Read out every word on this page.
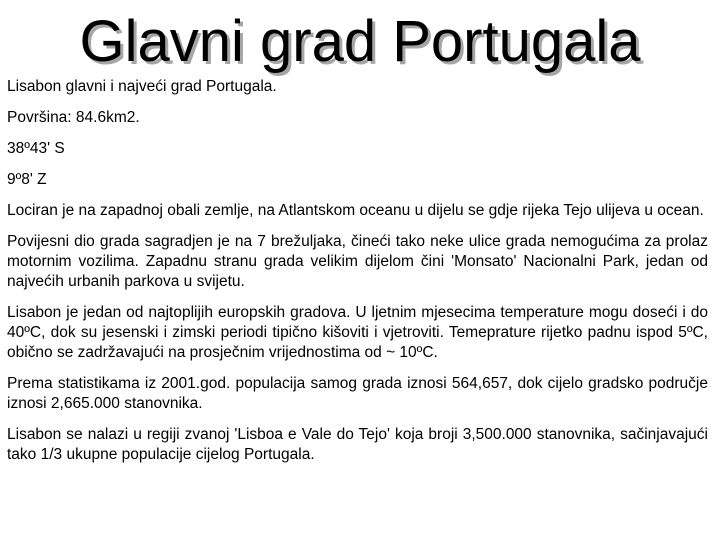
Glavni grad Portugala

Lisabon glavni i najveći grad Portugala.

Površina: 84.6km2.

38º43' S

9º8' Z

Lociran je na zapadnoj obali zemlje, na Atlantskom oceanu u dijelu se gdje rijeka Tejo ulijeva u ocean.

Povijesni dio grada sagradjen je na 7 brežuljaka, čineći tako neke ulice grada nemogućima za prolaz motornim vozilima. Zapadnu stranu grada velikim dijelom čini 'Monsato' Nacionalni Park, jedan od najvećih urbanih parkova u svijetu.

Lisabon je jedan od najtoplijih europskih gradova. U ljetnim mjesecima temperature mogu doseći i do 40ºC, dok su jesenski i zimski periodi tipično kišoviti i vjetroviti. Temeprature rijetko padnu ispod 5ºC, obično se zadržavajući na prosječnim vrijednostima od ~ 10ºC.

Prema statistikama iz 2001.god. populacija samog grada iznosi 564,657, dok cijelo gradsko područje iznosi 2,665.000 stanovnika.

Lisabon se nalazi u regiji zvanoj 'Lisboa e Vale do Tejo' koja broji 3,500.000 stanovnika, sačinjavajući tako 1/3 ukupne populacije cijelog Portugala.
